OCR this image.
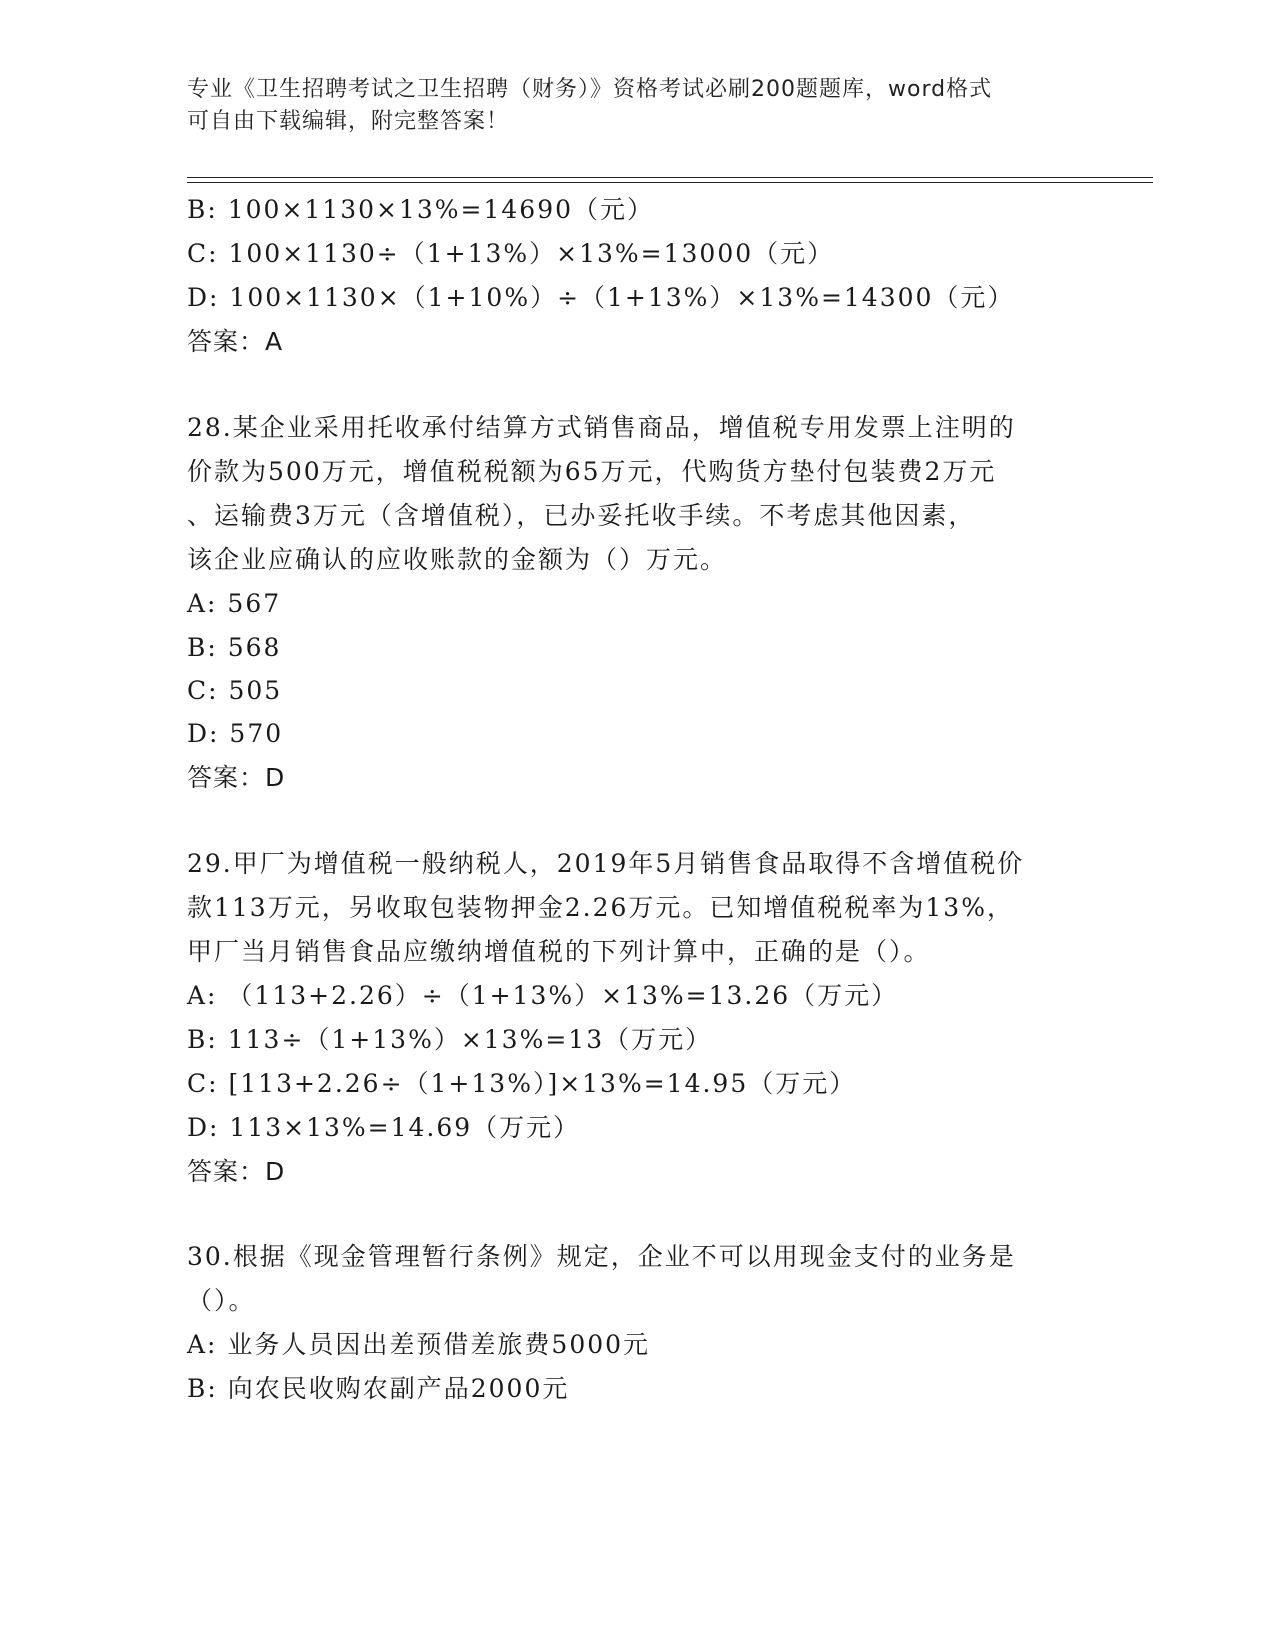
专业《卫生招聘考试之卫生招聘（财务）》资格考试必刷200题题库，word格式
可自由下载编辑，附完整答案！
B: 100×1130×13%=14690（元）
C: 100×1130÷（1+13%）×13%=13000（元）
D: 100×1130×（1+10%）÷（1+13%）×13%=14300（元）
答案：A
28.某企业采用托收承付结算方式销售商品，增值税专用发票上注明的
价款为500万元，增值税税额为65万元，代购货方垫付包装费2万元
、运输费3万元（含增值税），已办妥托收手续。不考虑其他因素，
该企业应确认的应收账款的金额为（）万元。
A: 567
B: 568
C: 505
D: 570
答案：D
29.甲厂为增值税一般纳税人，2019年5月销售食品取得不含增值税价
款113万元，另收取包装物押金2.26万元。已知增值税税率为13%，
甲厂当月销售食品应缴纳增值税的下列计算中，正确的是（）。
A: （113+2.26）÷（1+13%）×13%=13.26（万元）
B: 113÷（1+13%）×13%=13（万元）
C: [113+2.26÷（1+13%）]×13%=14.95（万元）
D: 113×13%=14.69（万元）
答案：D
30.根据《现金管理暂行条例》规定，企业不可以用现金支付的业务是
（）。
A: 业务人员因出差预借差旅费5000元
B: 向农民收购农副产品2000元
